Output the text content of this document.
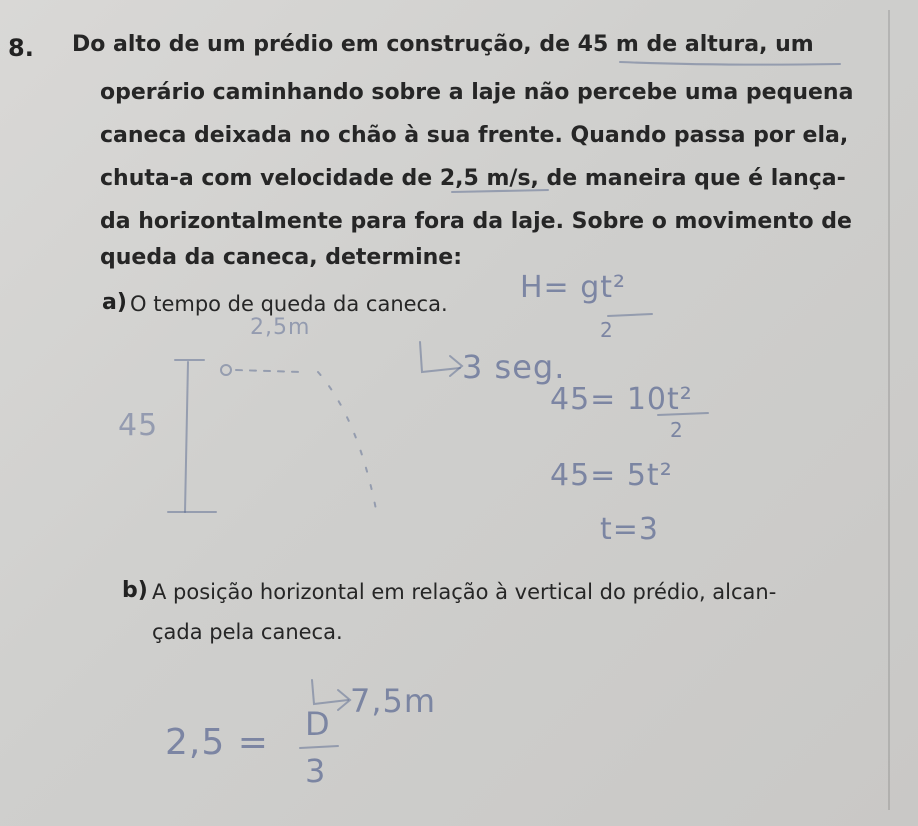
8. Do alto de um prédio em construção, de 45 m de altura, um
operário caminhando sobre a laje não percebe uma pequena
caneca deixada no chão à sua frente. Quando passa por ela,
chuta-a com velocidade de 2,5 m/s, de maneira que é lança-
da horizontalmente para fora da laje. Sobre o movimento de
queda da caneca, determine:
a) O tempo de queda da caneca.
b) A posição horizontal em relação à vertical do prédio, alcan-
çada pela caneca.
H= gt²
2
3 seg.
45= 10t²
2
45= 5t²
t=3
2,5m
45
7,5m
2,5 = D
3
